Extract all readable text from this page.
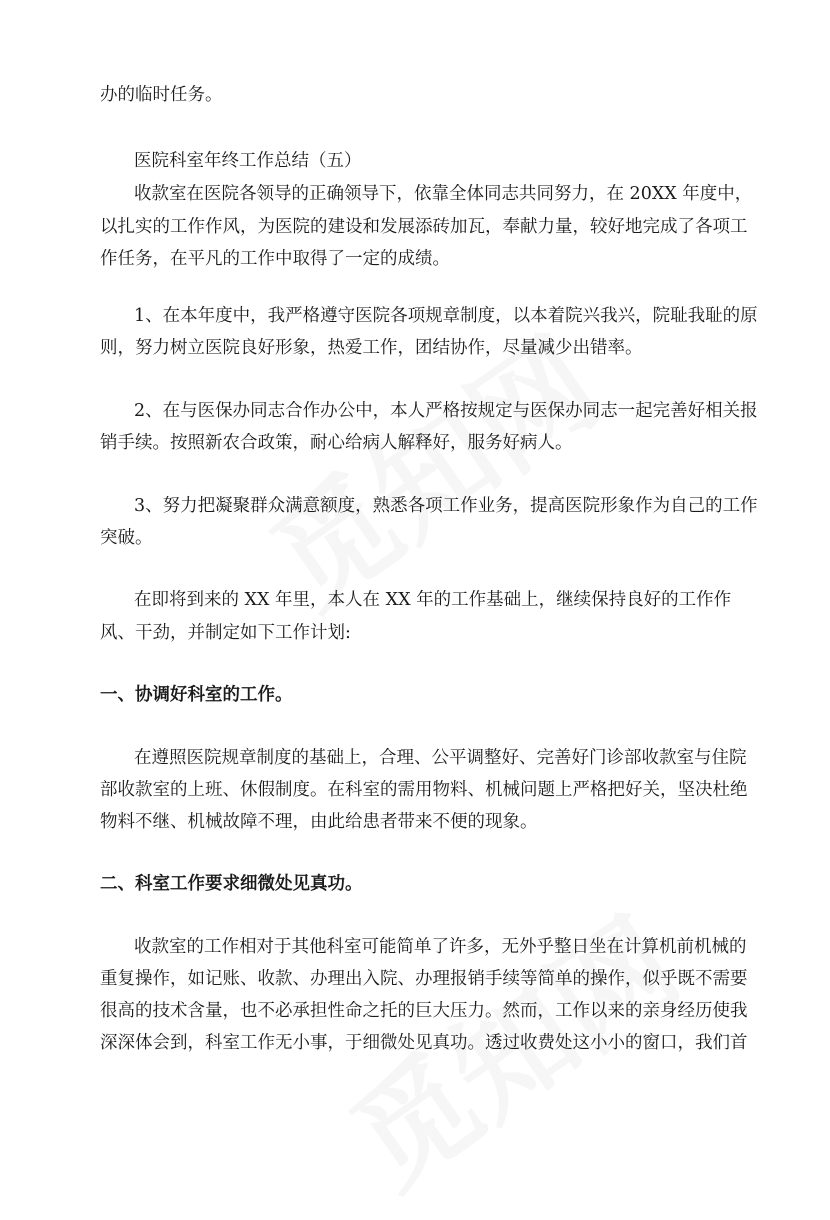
办的临时任务。
医院科室年终工作总结（五）
收款室在医院各领导的正确领导下，依靠全体同志共同努力，在 20XX 年度中，
以扎实的工作作风，为医院的建设和发展添砖加瓦，奉献力量，较好地完成了各项工
作任务，在平凡的工作中取得了一定的成绩。
1、在本年度中，我严格遵守医院各项规章制度，以本着院兴我兴，院耻我耻的原
则，努力树立医院良好形象，热爱工作，团结协作，尽量减少出错率。
2、在与医保办同志合作办公中，本人严格按规定与医保办同志一起完善好相关报
销手续。按照新农合政策，耐心给病人解释好，服务好病人。
3、努力把凝聚群众满意额度，熟悉各项工作业务，提高医院形象作为自己的工作
突破。
在即将到来的 XX 年里，本人在 XX 年的工作基础上，继续保持良好的工作作
风、干劲，并制定如下工作计划:
一、协调好科室的工作。
在遵照医院规章制度的基础上，合理、公平调整好、完善好门诊部收款室与住院
部收款室的上班、休假制度。在科室的需用物料、机械问题上严格把好关，坚决杜绝
物料不继、机械故障不理，由此给患者带来不便的现象。
二、科室工作要求细微处见真功。
收款室的工作相对于其他科室可能简单了许多，无外乎整日坐在计算机前机械的
重复操作，如记账、收款、办理出入院、办理报销手续等简单的操作，似乎既不需要
很高的技术含量，也不必承担性命之托的巨大压力。然而，工作以来的亲身经历使我
深深体会到，科室工作无小事，于细微处见真功。透过收费处这小小的窗口，我们首
